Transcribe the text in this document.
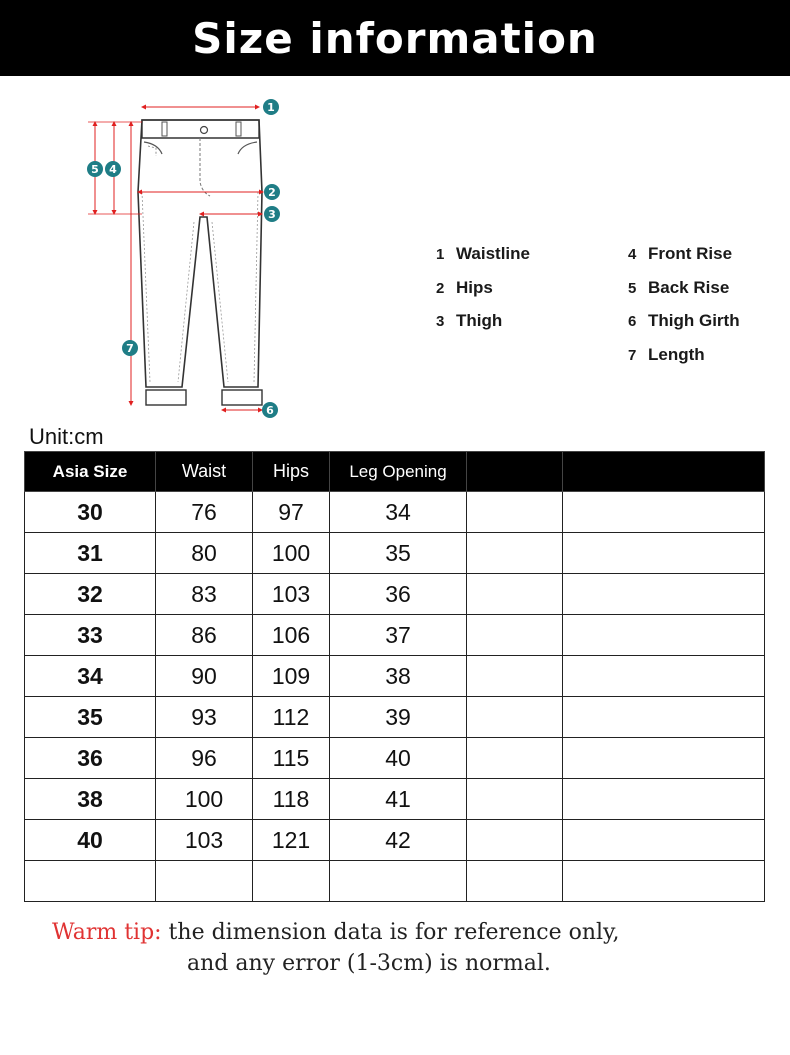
Size information
1
2
3
4
5
6
7
1 Waistline
2 Hips
3 Thigh
4 Front Rise
5 Back Rise
6 Thigh Girth
7 Length
Unit:cm
Asia Size	Waist	Hips	Leg Opening		
30	76	97	34		
31	80	100	35		
32	83	103	36		
33	86	106	37		
34	90	109	38		
35	93	112	39		
36	96	115	40		
38	100	118	41		
40	103	121	42		

Warm tip: the dimension data is for reference only,
and any error (1-3cm) is normal.
